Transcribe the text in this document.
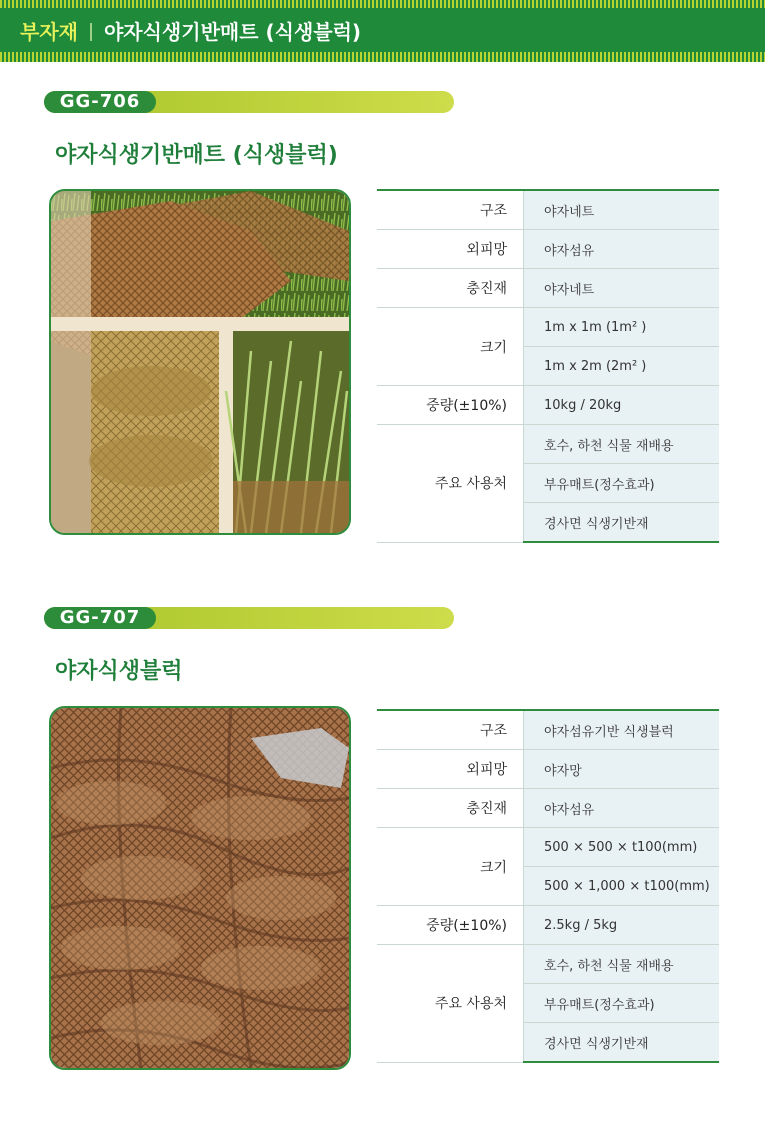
부자재 야자식생기반매트 (식생블럭)
GG-706
야자식생기반매트 (식생블럭)
구조	야자네트
외피망	야자섬유
충진재	야자네트
크기	1m x 1m (1m² )
	1m x 2m (2m² )
중량(±10%)	10kg / 20kg
주요 사용처	호수, 하천 식물 재배용
	부유매트(정수효과)
	경사면 식생기반재
GG-707
야자식생블럭
구조	야자섬유기반 식생블럭
외피망	야자망
충진재	야자섬유
크기	500 × 500 × t100(mm)
	500 × 1,000 × t100(mm)
중량(±10%)	2.5kg / 5kg
주요 사용처	호수, 하천 식물 재배용
	부유매트(정수효과)
	경사면 식생기반재
